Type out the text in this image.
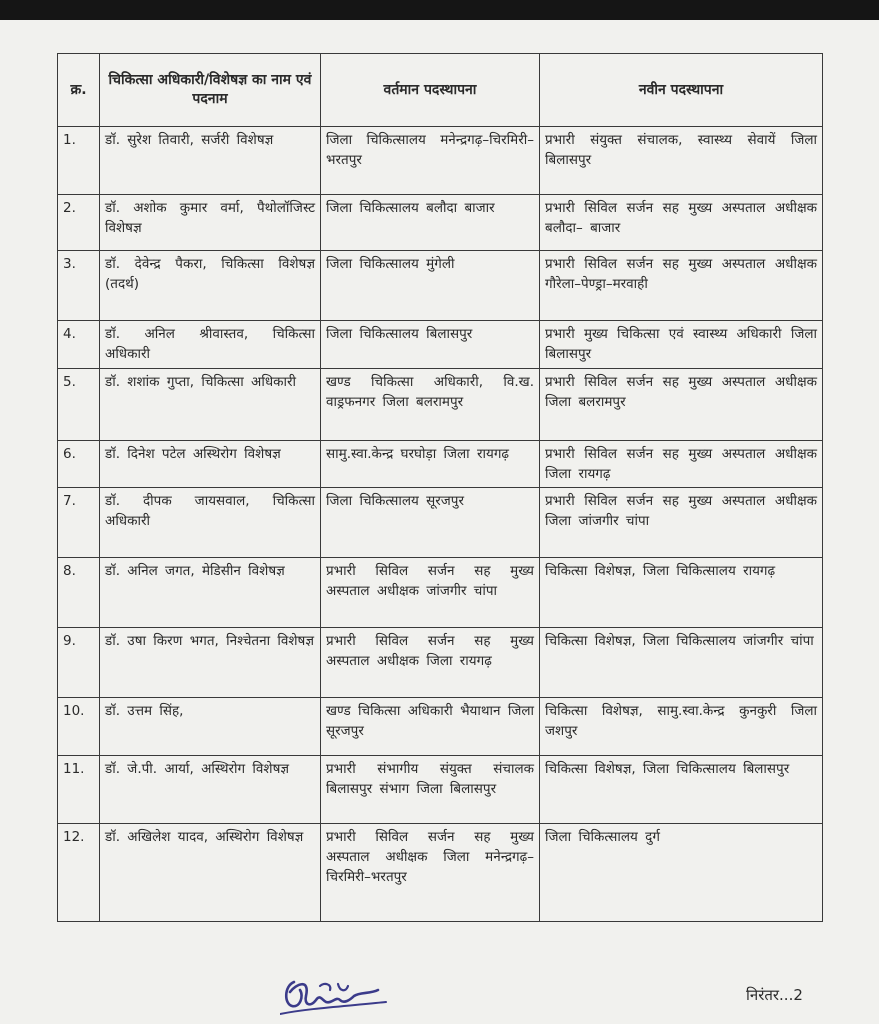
क्र.	चिकित्सा अधिकारी/विशेषज्ञ का नाम एवं पदनाम	वर्तमान पदस्थापना	नवीन पदस्थापना
1.	डॉ. सुरेश तिवारी, सर्जरी विशेषज्ञ	जिला चिकित्सालय मनेन्द्रगढ़–चिरमिरी–भरतपुर	प्रभारी संयुक्त संचालक, स्वास्थ्य सेवायें जिला बिलासपुर
2.	डॉ. अशोक कुमार वर्मा, पैथोलॉजिस्ट विशेषज्ञ	जिला चिकित्सालय बलौदा बाजार	प्रभारी सिविल सर्जन सह मुख्य अस्पताल अधीक्षक बलौदा– बाजार
3.	डॉ. देवेन्द्र पैकरा, चिकित्सा विशेषज्ञ (तदर्थ)	जिला चिकित्सालय मुंगेली	प्रभारी सिविल सर्जन सह मुख्य अस्पताल अधीक्षक गौरेला–पेण्ड्रा–मरवाही
4.	डॉ. अनिल श्रीवास्तव, चिकित्सा अधिकारी	जिला चिकित्सालय बिलासपुर	प्रभारी मुख्य चिकित्सा एवं स्वास्थ्य अधिकारी जिला बिलासपुर
5.	डॉ. शशांक गुप्ता, चिकित्सा अधिकारी	खण्ड चिकित्सा अधिकारी, वि.ख. वाड्रफनगर जिला बलरामपुर	प्रभारी सिविल सर्जन सह मुख्य अस्पताल अधीक्षक जिला बलरामपुर
6.	डॉ. दिनेश पटेल अस्थिरोग विशेषज्ञ	सामु.स्वा.केन्द्र घरघोड़ा जिला रायगढ़	प्रभारी सिविल सर्जन सह मुख्य अस्पताल अधीक्षक जिला रायगढ़
7.	डॉ. दीपक जायसवाल, चिकित्सा अधिकारी	जिला चिकित्सालय सूरजपुर	प्रभारी सिविल सर्जन सह मुख्य अस्पताल अधीक्षक जिला जांजगीर चांपा
8.	डॉ. अनिल जगत, मेडिसीन विशेषज्ञ	प्रभारी सिविल सर्जन सह मुख्य अस्पताल अधीक्षक जांजगीर चांपा	चिकित्सा विशेषज्ञ, जिला चिकित्सालय रायगढ़
9.	डॉ. उषा किरण भगत, निश्चेतना विशेषज्ञ	प्रभारी सिविल सर्जन सह मुख्य अस्पताल अधीक्षक जिला रायगढ़	चिकित्सा विशेषज्ञ, जिला चिकित्सालय जांजगीर चांपा
10.	डॉ. उत्तम सिंह,	खण्ड चिकित्सा अधिकारी भैयाथान जिला सूरजपुर	चिकित्सा विशेषज्ञ, सामु.स्वा.केन्द्र कुनकुरी जिला जशपुर
11.	डॉ. जे.पी. आर्या, अस्थिरोग विशेषज्ञ	प्रभारी संभागीय संयुक्त संचालक बिलासपुर संभाग जिला बिलासपुर	चिकित्सा विशेषज्ञ, जिला चिकित्सालय बिलासपुर
12.	डॉ. अखिलेश यादव, अस्थिरोग विशेषज्ञ	प्रभारी सिविल सर्जन सह मुख्य अस्पताल अधीक्षक जिला मनेन्द्रगढ़–चिरमिरी–भरतपुर	जिला चिकित्सालय दुर्ग
निरंतर...2
